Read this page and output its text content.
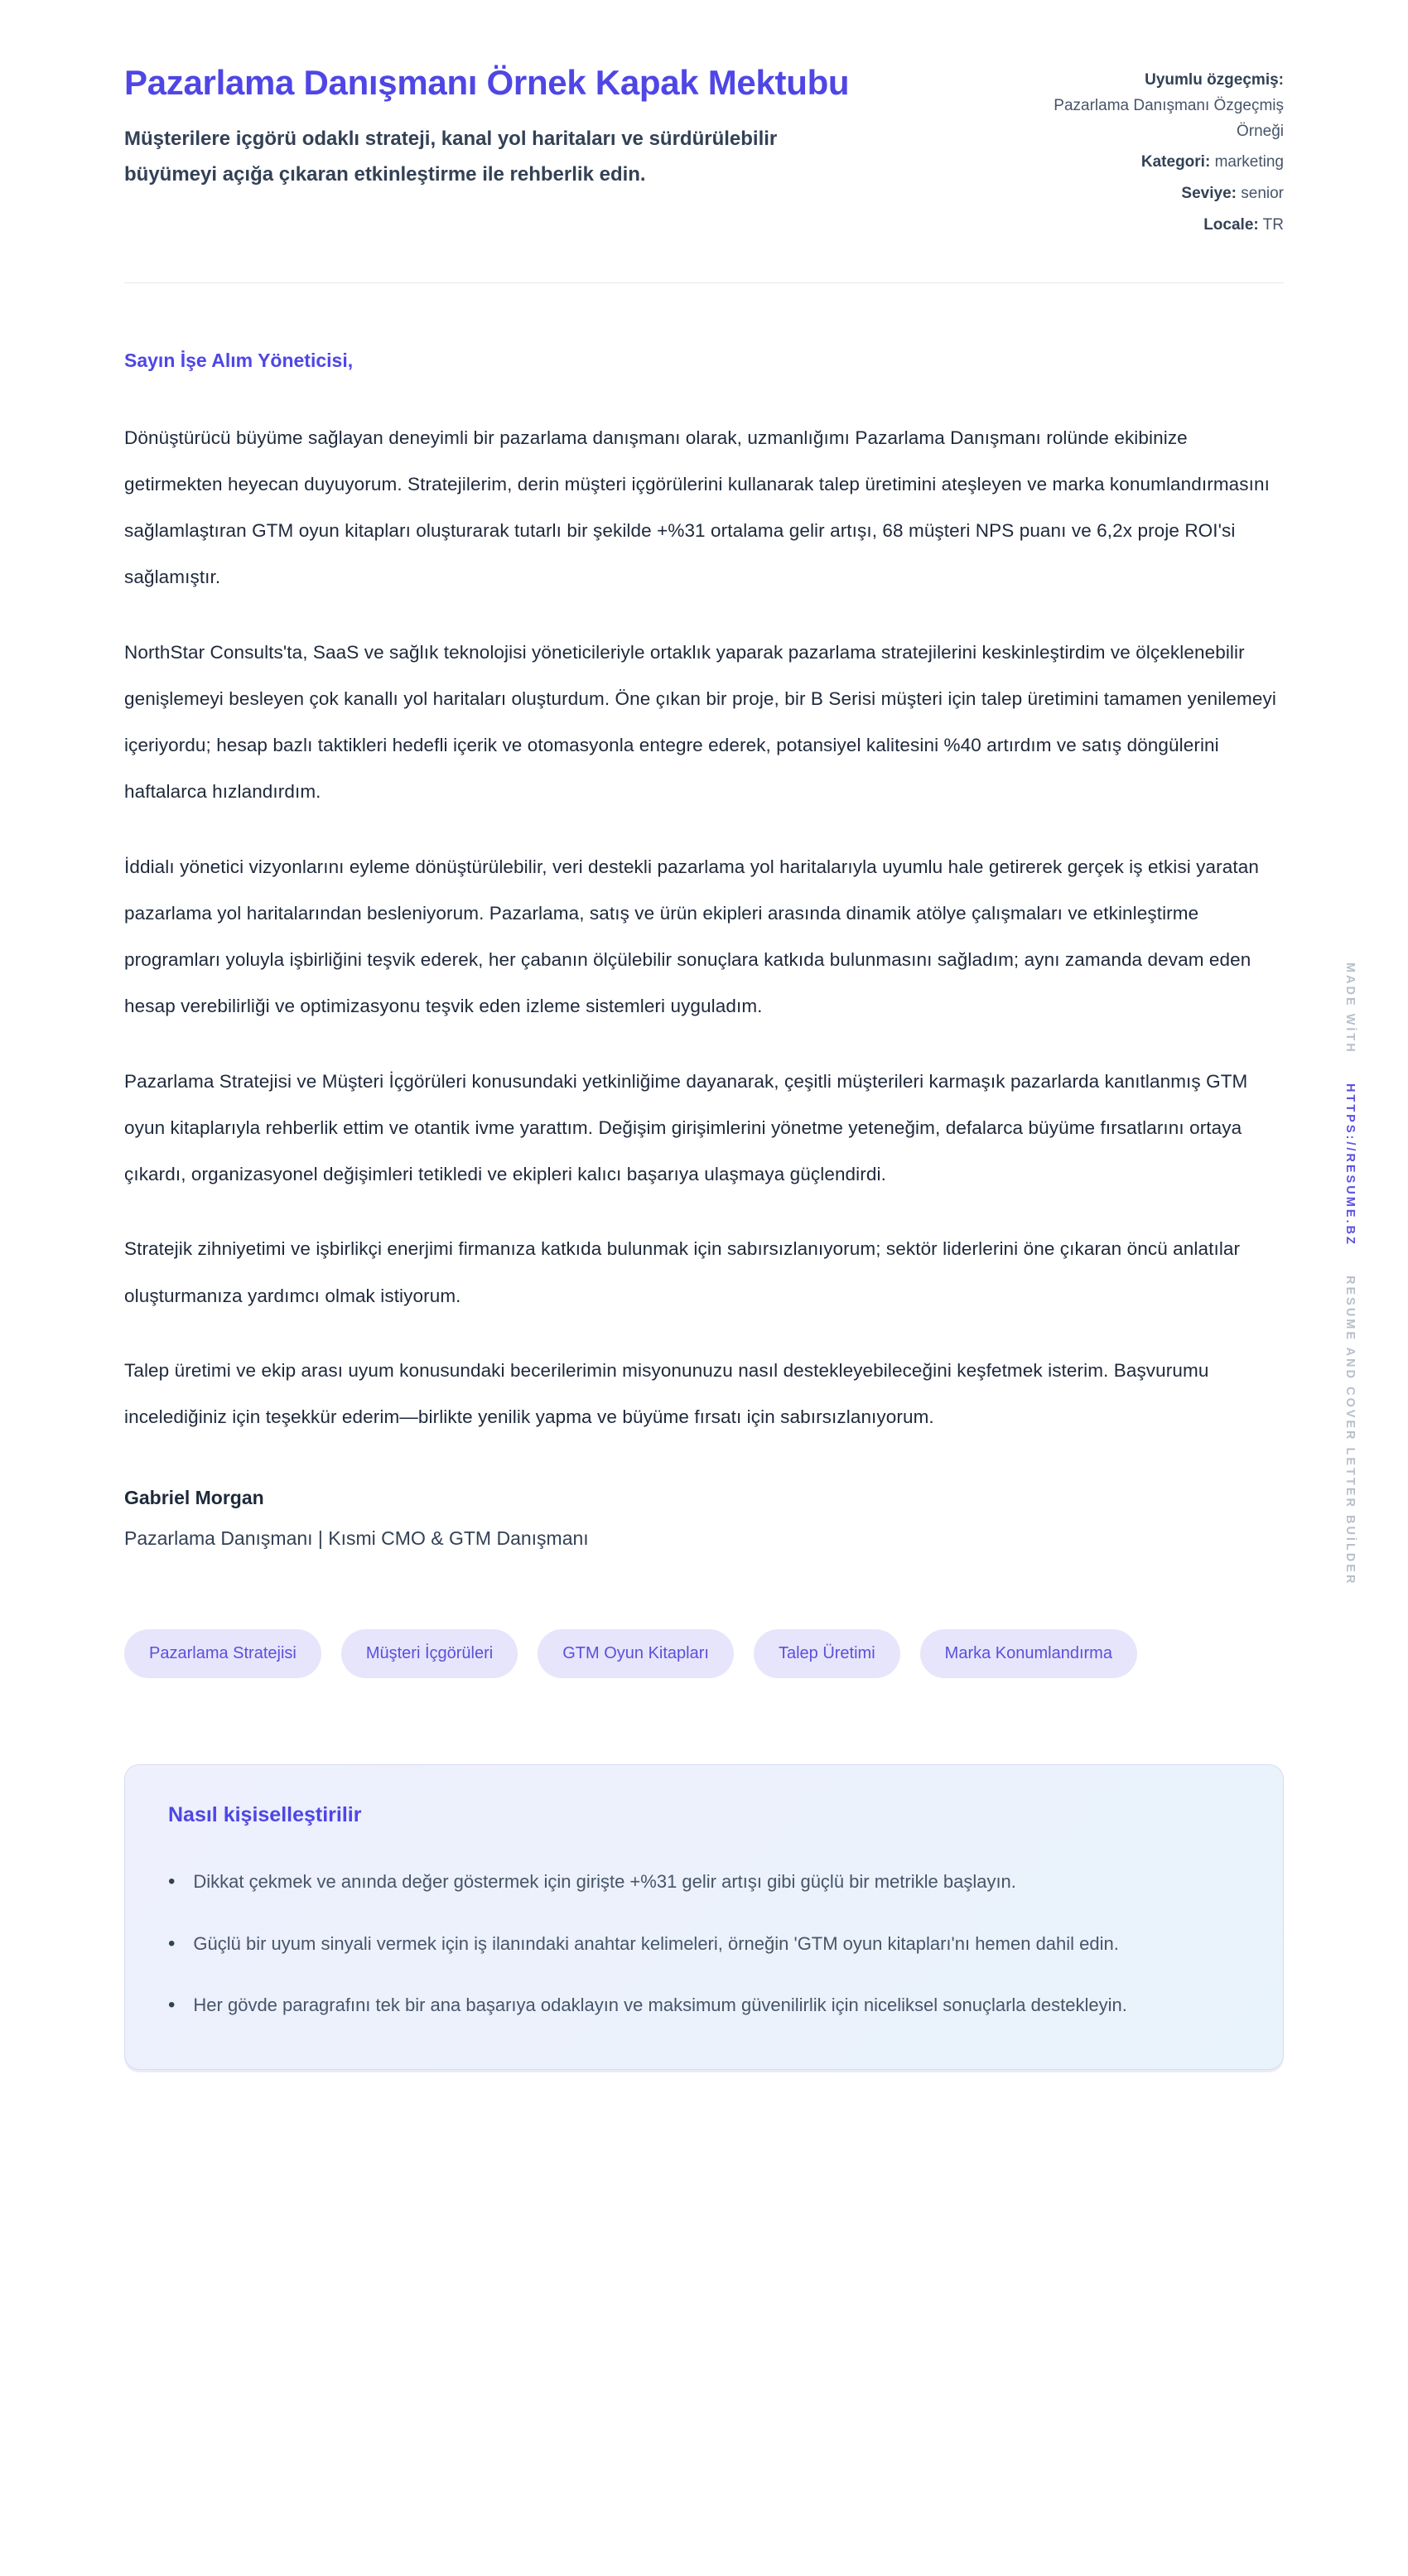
Pazarlama Danışmanı Örnek Kapak Mektubu

Müşterilere içgörü odaklı strateji, kanal yol haritaları ve sürdürülebilir büyümeyi açığa çıkaran etkinleştirme ile rehberlik edin.

Uyumlu özgeçmiş:
Pazarlama Danışmanı Özgeçmiş Örneği
Kategori: marketing
Seviye: senior
Locale: TR

Sayın İşe Alım Yöneticisi,

Dönüştürücü büyüme sağlayan deneyimli bir pazarlama danışmanı olarak, uzmanlığımı Pazarlama Danışmanı rolünde ekibinize getirmekten heyecan duyuyorum. Stratejilerim, derin müşteri içgörülerini kullanarak talep üretimini ateşleyen ve marka konumlandırmasını sağlamlaştıran GTM oyun kitapları oluşturarak tutarlı bir şekilde +%31 ortalama gelir artışı, 68 müşteri NPS puanı ve 6,2x proje ROI'si sağlamıştır.

NorthStar Consults'ta, SaaS ve sağlık teknolojisi yöneticileriyle ortaklık yaparak pazarlama stratejilerini keskinleştirdim ve ölçeklenebilir genişlemeyi besleyen çok kanallı yol haritaları oluşturdum. Öne çıkan bir proje, bir B Serisi müşteri için talep üretimini tamamen yenilemeyi içeriyordu; hesap bazlı taktikleri hedefli içerik ve otomasyonla entegre ederek, potansiyel kalitesini %40 artırdım ve satış döngülerini haftalarca hızlandırdım.

İddialı yönetici vizyonlarını eyleme dönüştürülebilir, veri destekli pazarlama yol haritalarıyla uyumlu hale getirerek gerçek iş etkisi yaratan pazarlama yol haritalarından besleniyorum. Pazarlama, satış ve ürün ekipleri arasında dinamik atölye çalışmaları ve etkinleştirme programları yoluyla işbirliğini teşvik ederek, her çabanın ölçülebilir sonuçlara katkıda bulunmasını sağladım; aynı zamanda devam eden hesap verebilirliği ve optimizasyonu teşvik eden izleme sistemleri uyguladım.

Pazarlama Stratejisi ve Müşteri İçgörüleri konusundaki yetkinliğime dayanarak, çeşitli müşterileri karmaşık pazarlarda kanıtlanmış GTM oyun kitaplarıyla rehberlik ettim ve otantik ivme yarattım. Değişim girişimlerini yönetme yeteneğim, defalarca büyüme fırsatlarını ortaya çıkardı, organizasyonel değişimleri tetikledi ve ekipleri kalıcı başarıya ulaşmaya güçlendirdi.

Stratejik zihniyetimi ve işbirlikçi enerjimi firmanıza katkıda bulunmak için sabırsızlanıyorum; sektör liderlerini öne çıkaran öncü anlatılar oluşturmanıza yardımcı olmak istiyorum.

Talep üretimi ve ekip arası uyum konusundaki becerilerimin misyonunuzu nasıl destekleyebileceğini keşfetmek isterim. Başvurumu incelediğiniz için teşekkür ederim—birlikte yenilik yapma ve büyüme fırsatı için sabırsızlanıyorum.

Gabriel Morgan

Pazarlama Danışmanı | Kısmi CMO & GTM Danışmanı

Pazarlama Stratejisi	Müşteri İçgörüleri	GTM Oyun Kitapları	Talep Üretimi	Marka Konumlandırma
Nasıl kişiselleştirilir
• Dikkat çekmek ve anında değer göstermek için girişte +%31 gelir artışı gibi güçlü bir metrikle başlayın.
• Güçlü bir uyum sinyali vermek için iş ilanındaki anahtar kelimeleri, örneğin 'GTM oyun kitapları'nı hemen dahil edin.
• Her gövde paragrafını tek bir ana başarıya odaklayın ve maksimum güvenilirlik için niceliksel sonuçlarla destekleyin.
MADE WİTH HTTPS://RESUME.BZ RESUME AND COVER LETTER BUİLDER
